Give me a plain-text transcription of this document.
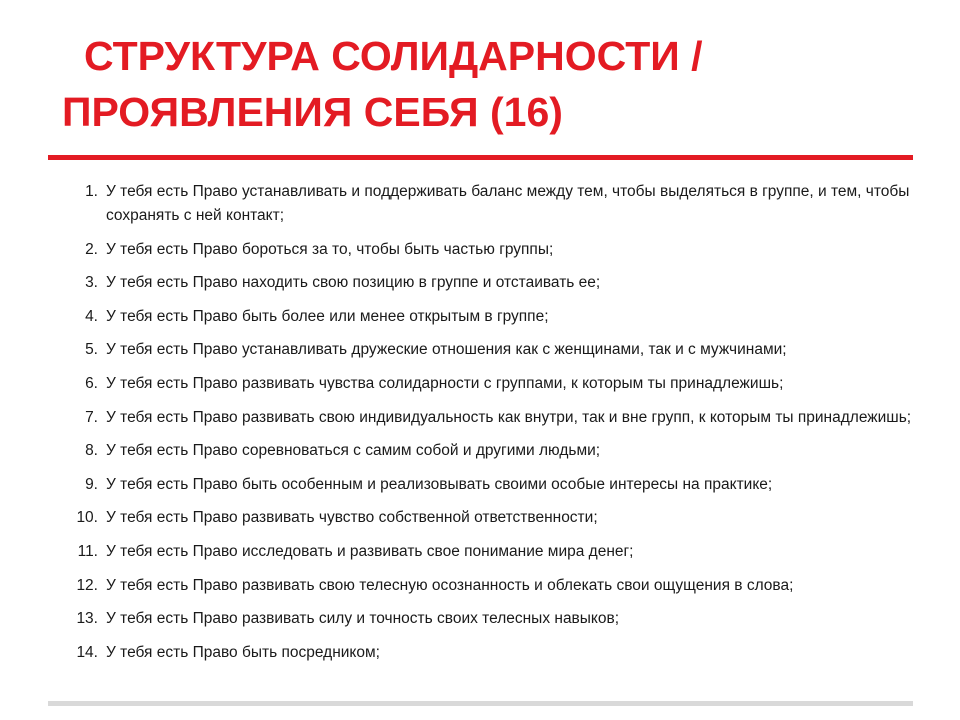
СТРУКТУРА СОЛИДАРНОСТИ /
ПРОЯВЛЕНИЯ СЕБЯ (16)
1. У тебя есть Право устанавливать и поддерживать баланс между тем, чтобы выделяться в группе, и тем, чтобы сохранять с ней контакт;
2. У тебя есть Право бороться за то, чтобы быть частью группы;
3. У тебя есть Право находить свою позицию в группе и отстаивать ее;
4. У тебя есть Право быть более или менее открытым в группе;
5. У тебя есть Право устанавливать дружеские отношения как с женщинами, так и с мужчинами;
6. У тебя есть Право развивать чувства солидарности с группами, к которым ты принадлежишь;
7. У тебя есть Право развивать свою индивидуальность как внутри, так и вне групп, к которым ты принадлежишь;
8. У тебя есть Право соревноваться с самим собой и другими людьми;
9. У тебя есть Право быть особенным и реализовывать своими особые интересы на практике;
10. У тебя есть Право развивать чувство собственной ответственности;
11. У тебя есть Право исследовать и развивать свое понимание мира денег;
12. У тебя есть Право развивать свою телесную осознанность и облекать свои ощущения в слова;
13. У тебя есть Право развивать силу и точность своих телесных навыков;
14. У тебя есть Право быть посредником;
